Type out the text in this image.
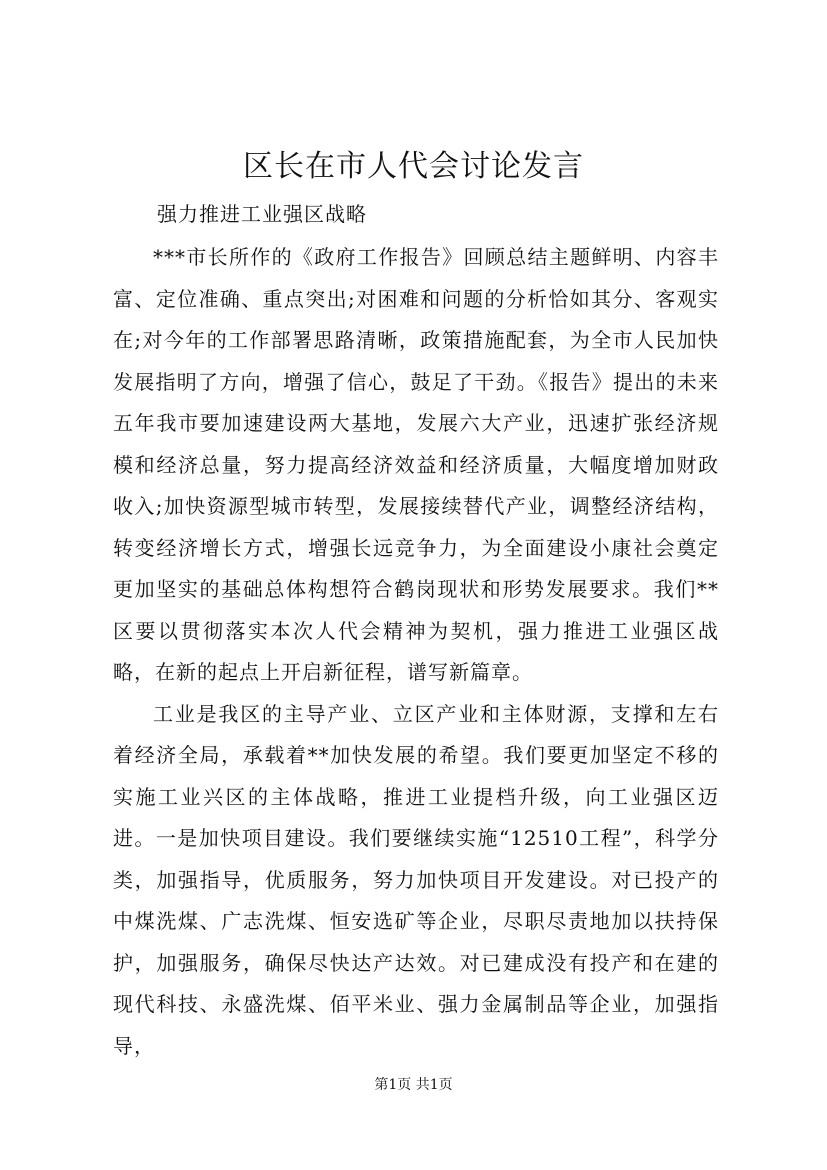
区长在市人代会讨论发言

强力推进工业强区战略

***市长所作的《政府工作报告》回顾总结主题鲜明、内容丰富、定位准确、重点突出;对困难和问题的分析恰如其分、客观实在;对今年的工作部署思路清晰，政策措施配套，为全市人民加快发展指明了方向，增强了信心，鼓足了干劲。《报告》提出的未来五年我市要加速建设两大基地，发展六大产业，迅速扩张经济规模和经济总量，努力提高经济效益和经济质量，大幅度增加财政收入;加快资源型城市转型，发展接续替代产业，调整经济结构，转变经济增长方式，增强长远竞争力，为全面建设小康社会奠定更加坚实的基础总体构想符合鹤岗现状和形势发展要求。我们**区要以贯彻落实本次人代会精神为契机，强力推进工业强区战略，在新的起点上开启新征程，谱写新篇章。

工业是我区的主导产业、立区产业和主体财源，支撑和左右着经济全局，承载着**加快发展的希望。我们要更加坚定不移的实施工业兴区的主体战略，推进工业提档升级，向工业强区迈进。一是加快项目建设。我们要继续实施“12510工程”，科学分类，加强指导，优质服务，努力加快项目开发建设。对已投产的中煤洗煤、广志洗煤、恒安选矿等企业，尽职尽责地加以扶持保护，加强服务，确保尽快达产达效。对已建成没有投产和在建的现代科技、永盛洗煤、佰平米业、强力金属制品等企业，加强指导，

第1页 共1页
